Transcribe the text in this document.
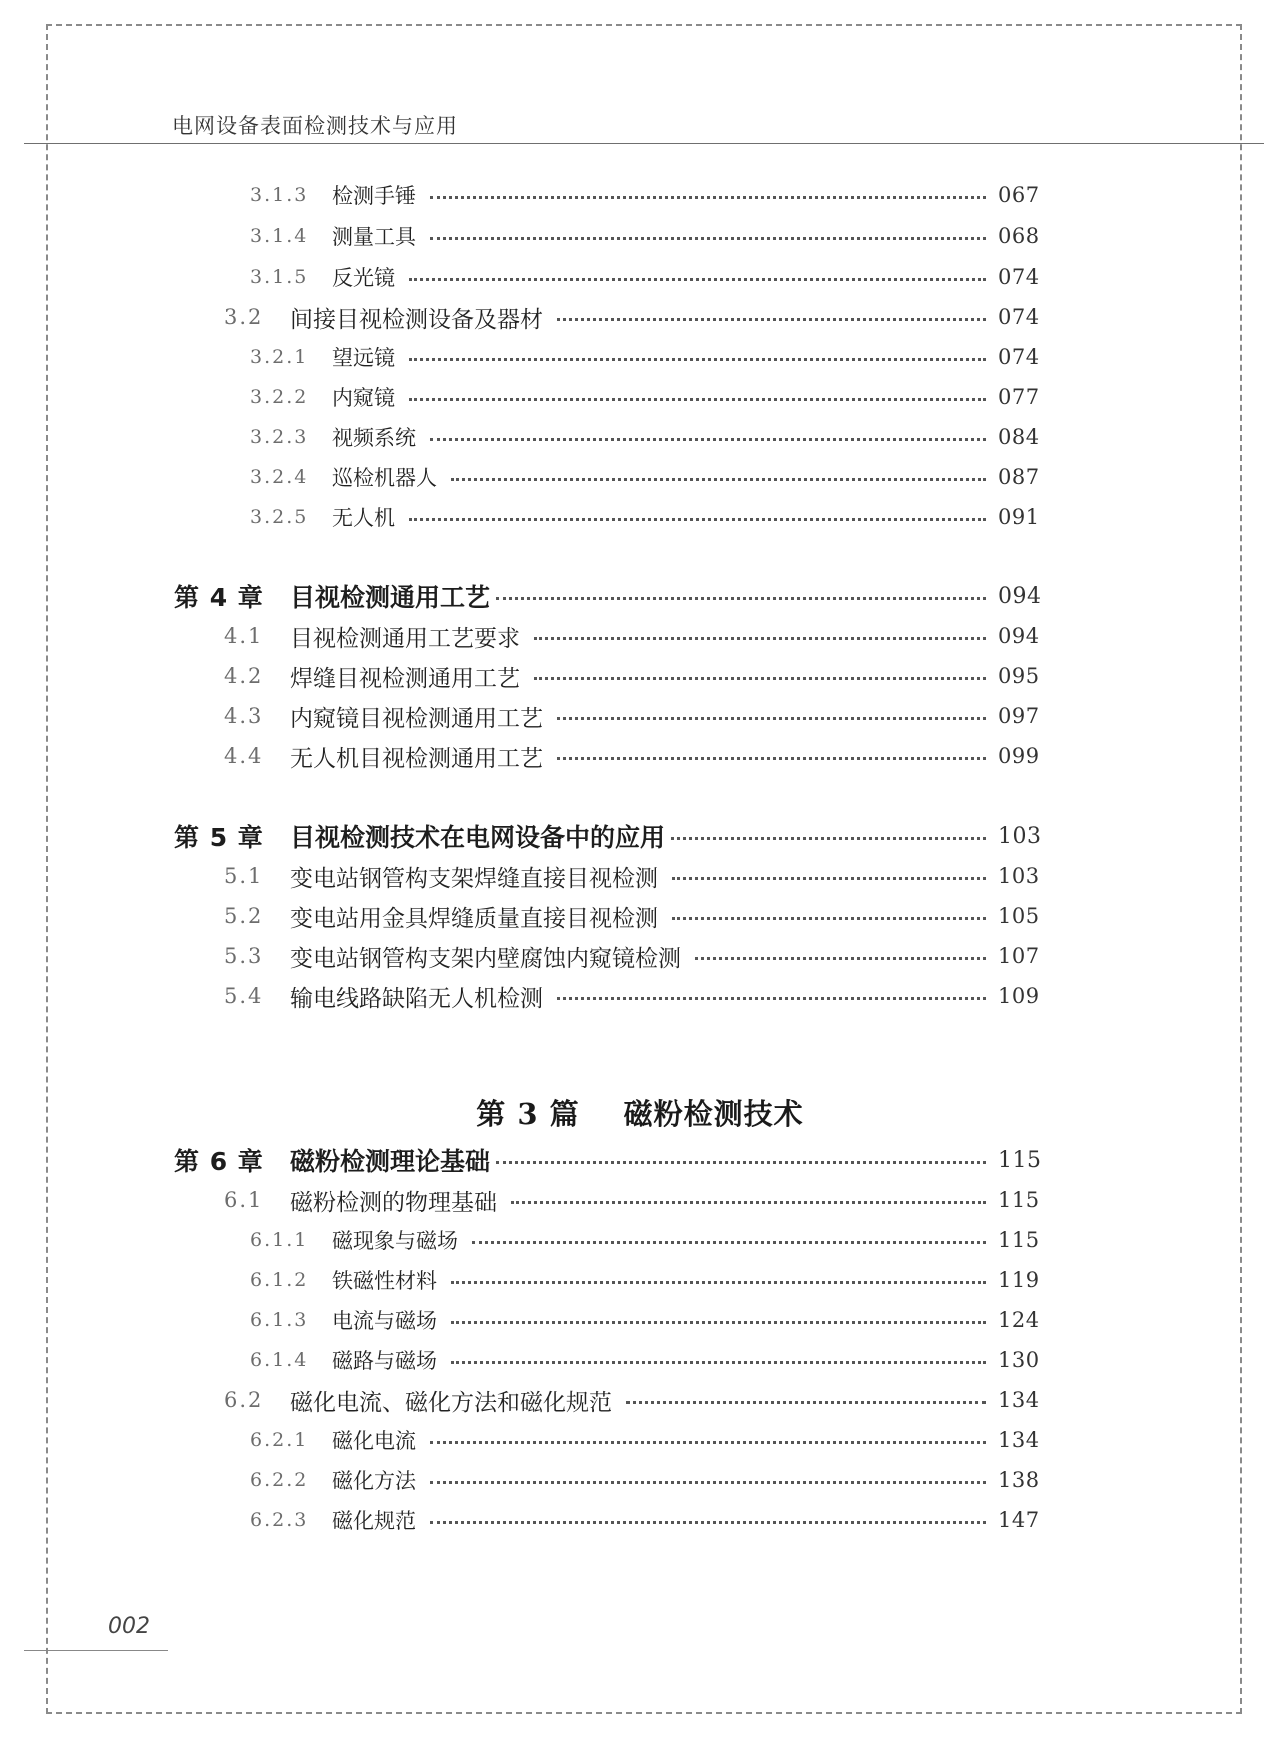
电网设备表面检测技术与应用
3.1.3	检测手锤	067
3.1.4	测量工具	068
3.1.5	反光镜	074
3.2	间接目视检测设备及器材	074
3.2.1	望远镜	074
3.2.2	内窥镜	077
3.2.3	视频系统	084
3.2.4	巡检机器人	087
3.2.5	无人机	091
第 4 章	目视检测通用工艺	094
4.1	目视检测通用工艺要求	094
4.2	焊缝目视检测通用工艺	095
4.3	内窥镜目视检测通用工艺	097
4.4	无人机目视检测通用工艺	099
第 5 章	目视检测技术在电网设备中的应用	103
5.1	变电站钢管构支架焊缝直接目视检测	103
5.2	变电站用金具焊缝质量直接目视检测	105
5.3	变电站钢管构支架内壁腐蚀内窥镜检测	107
5.4	输电线路缺陷无人机检测	109
第 6 章	磁粉检测理论基础	115
6.1	磁粉检测的物理基础	115
6.1.1	磁现象与磁场	115
6.1.2	铁磁性材料	119
6.1.3	电流与磁场	124
6.1.4	磁路与磁场	130
6.2	磁化电流、磁化方法和磁化规范	134
6.2.1	磁化电流	134
6.2.2	磁化方法	138
6.2.3	磁化规范	147
第 3 篇 磁粉检测技术
002
